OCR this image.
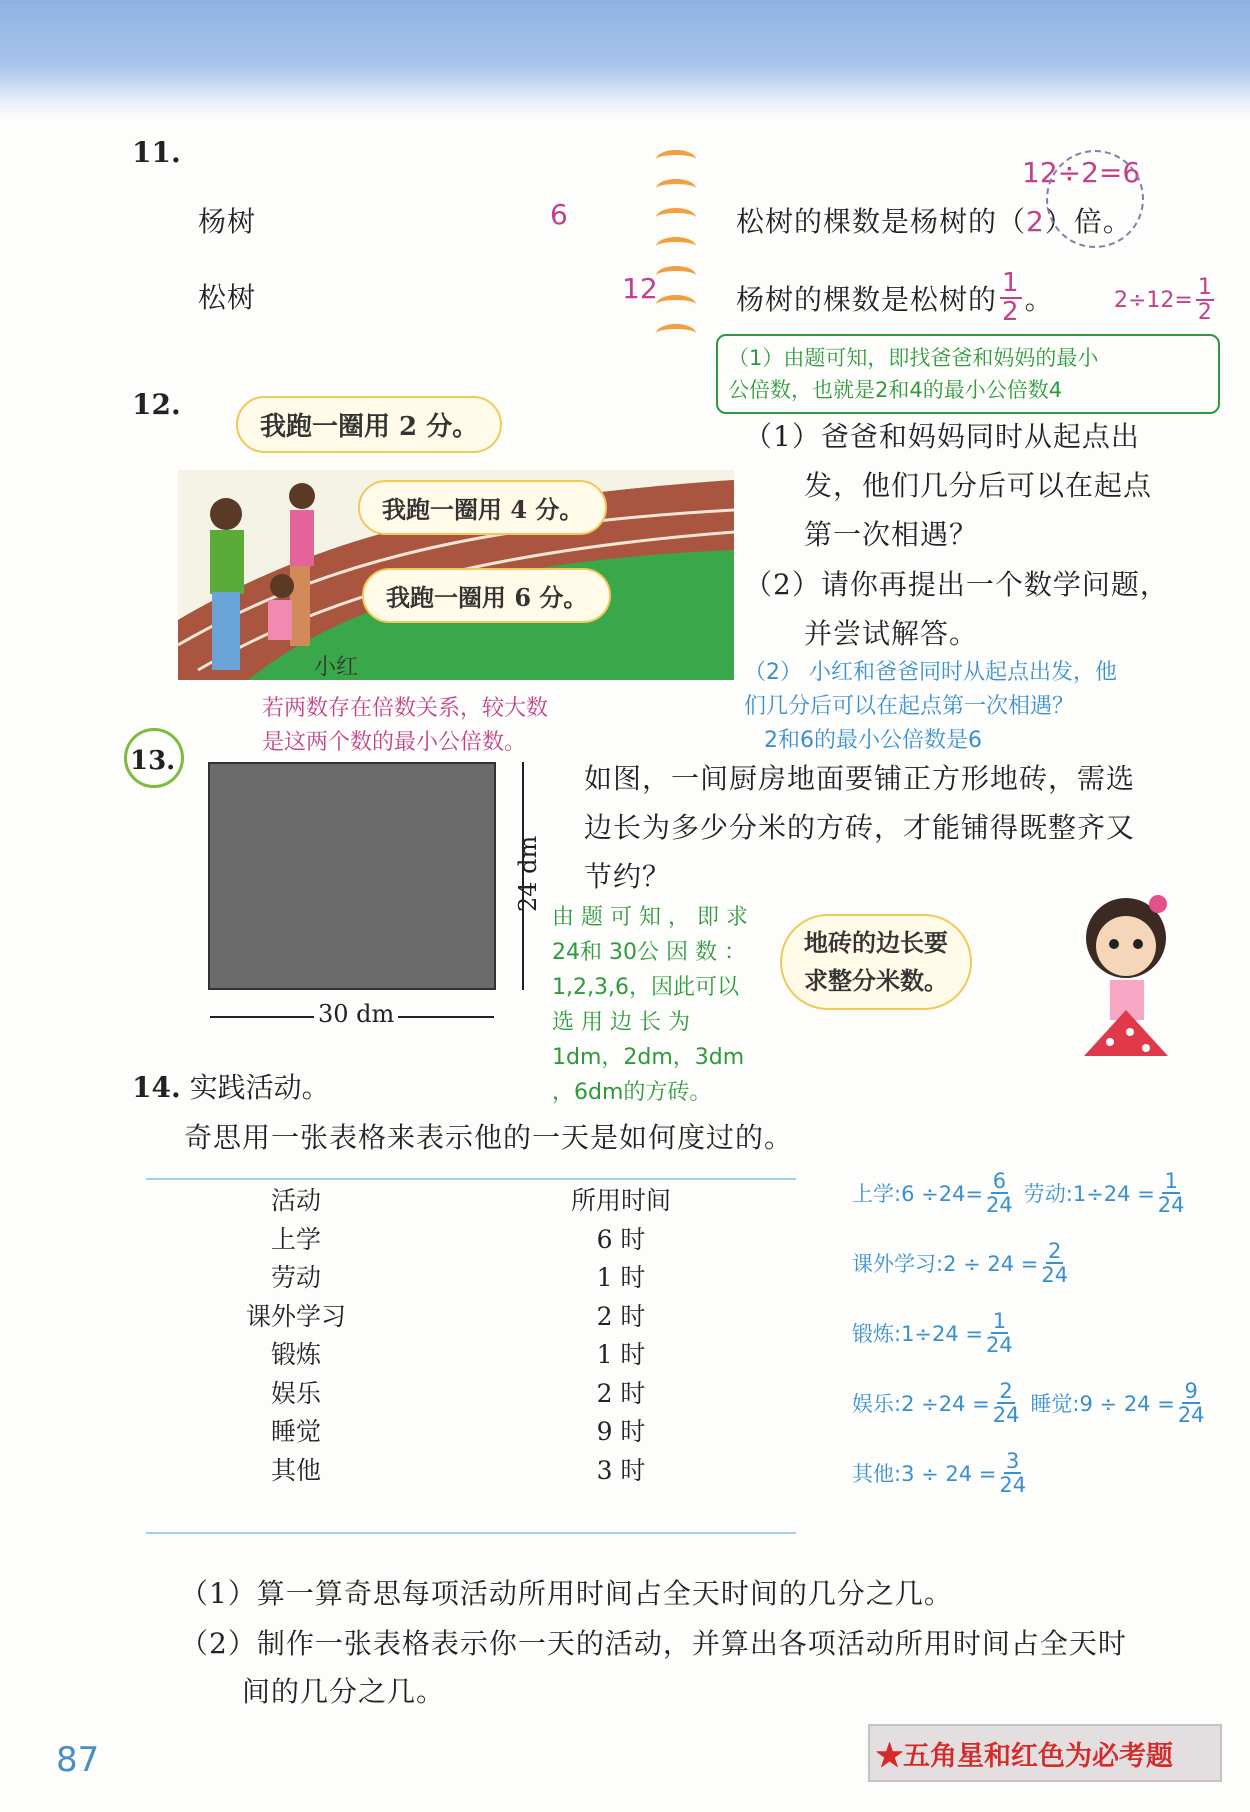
11.
杨树	6
松树	12
松树的棵数是杨树的（2）倍。
12÷2=6
杨树的棵数是松树的 $\frac{1}{2}$ 。	$2\div 12= \frac{1}{2}$
12.
（1）由题可知，即找爸爸和妈妈的最小
公倍数，也就是2和4的最小公倍数4
我跑一圈用 2 分。
我跑一圈用 4 分。
我跑一圈用 6 分。
小红
（1）爸爸和妈妈同时从起点出
发，他们几分后可以在起点
第一次相遇？
（2）请你再提出一个数学问题，
并尝试解答。
（2） 小红和爸爸同时从起点出发，他
们几分后可以在起点第一次相遇？
2和6的最小公倍数是6
若两数存在倍数关系，较大数
是这两个数的最小公倍数。
13.
24 dm
30 dm
如图，一间厨房地面要铺正方形地砖，需选
边长为多少分米的方砖，才能铺得既整齐又
节约？
由 题 可 知 ， 即 求
24和 30公 因 数 ：
1,2,3,6，因此可以
选 用 边 长 为
1dm，2dm，3dm
，6dm的方砖。
地砖的边长要
求整分米数。
14. 实践活动。
奇思用一张表格来表示他的一天是如何度过的。
活动	所用时间
上学	6 时
劳动	1 时
课外学习	2 时
锻炼	1 时
娱乐	2 时
睡觉	9 时
其他	3 时
上学:6 $\div 24= \frac{6}{24}$ 劳动:1÷24 = $\frac{1}{24}$
课外学习:2 ÷ $24 = \frac{2}{24}$
锻炼:1÷24 = $\frac{1}{24}$
娱乐:2 $\div 24 = \frac{2}{24}$ 睡觉:9 ÷ $24 = \frac{9}{24}$
其他:3 ÷ $24 = \frac{3}{24}$
（1）算一算奇思每项活动所用时间占全天时间的几分之几。
（2）制作一张表格表示你一天的活动，并算出各项活动所用时间占全天时
间的几分之几。
87	★五角星和红色为必考题
